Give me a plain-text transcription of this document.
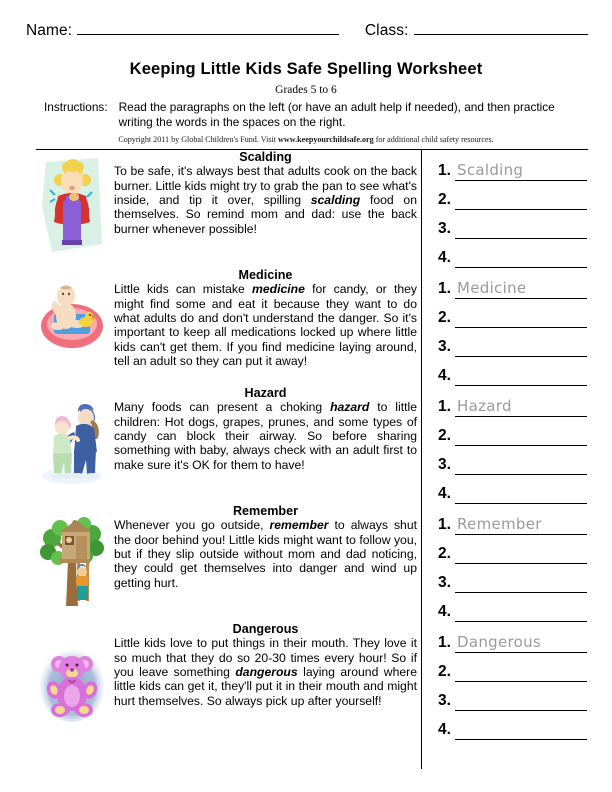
Name:	Class:
Keeping Little Kids Safe Spelling Worksheet
Grades 5 to 6
Instructions: Read the paragraphs on the left (or have an adult help if needed), and then practice writing the words in the spaces on the right.
Copyright 2011 by Global Children's Fund. Visit www.keepyourchildsafe.org for additional child safety resources.
Scalding
To be safe, it's always best that adults cook on the back burner. Little kids might try to grab the pan to see what's inside, and tip it over, spilling scalding food on themselves. So remind mom and dad: use the back burner whenever possible!
1. Scalding
2.
3.
4.
Medicine
Little kids can mistake medicine for candy, or they might find some and eat it because they want to do what adults do and don't understand the danger. So it's important to keep all medications locked up where little kids can't get them. If you find medicine laying around, tell an adult so they can put it away!
1. Medicine
2.
3.
4.
Hazard
Many foods can present a choking hazard to little children: Hot dogs, grapes, prunes, and some types of candy can block their airway. So before sharing something with baby, always check with an adult first to make sure it's OK for them to have!
1. Hazard
2.
3.
4.
Remember
Whenever you go outside, remember to always shut the door behind you! Little kids might want to follow you, but if they slip outside without mom and dad noticing, they could get themselves into danger and wind up getting hurt.
1. Remember
2.
3.
4.
Dangerous
Little kids love to put things in their mouth. They love it so much that they do so 20-30 times every hour! So if you leave something dangerous laying around where little kids can get it, they'll put it in their mouth and might hurt themselves. So always pick up after yourself!
1. Dangerous
2.
3.
4.
